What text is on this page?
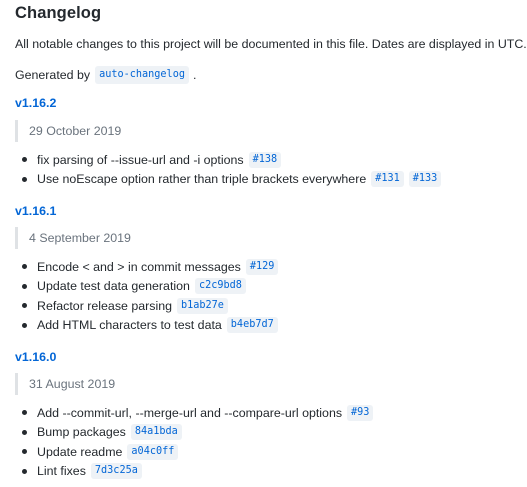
Changelog
All notable changes to this project will be documented in this file. Dates are displayed in UTC.
Generated by auto-changelog .
v1.16.2
29 October 2019
fix parsing of --issue-url and -i options #138
Use noEscape option rather than triple brackets everywhere #131	#133
v1.16.1
4 September 2019
Encode < and > in commit messages #129
Update test data generation c2c9bd8
Refactor release parsing b1ab27e
Add HTML characters to test data b4eb7d7
v1.16.0
31 August 2019
Add --commit-url, --merge-url and --compare-url options #93
Bump packages 84a1bda
Update readme a04c0ff
Lint fixes 7d3c25a
